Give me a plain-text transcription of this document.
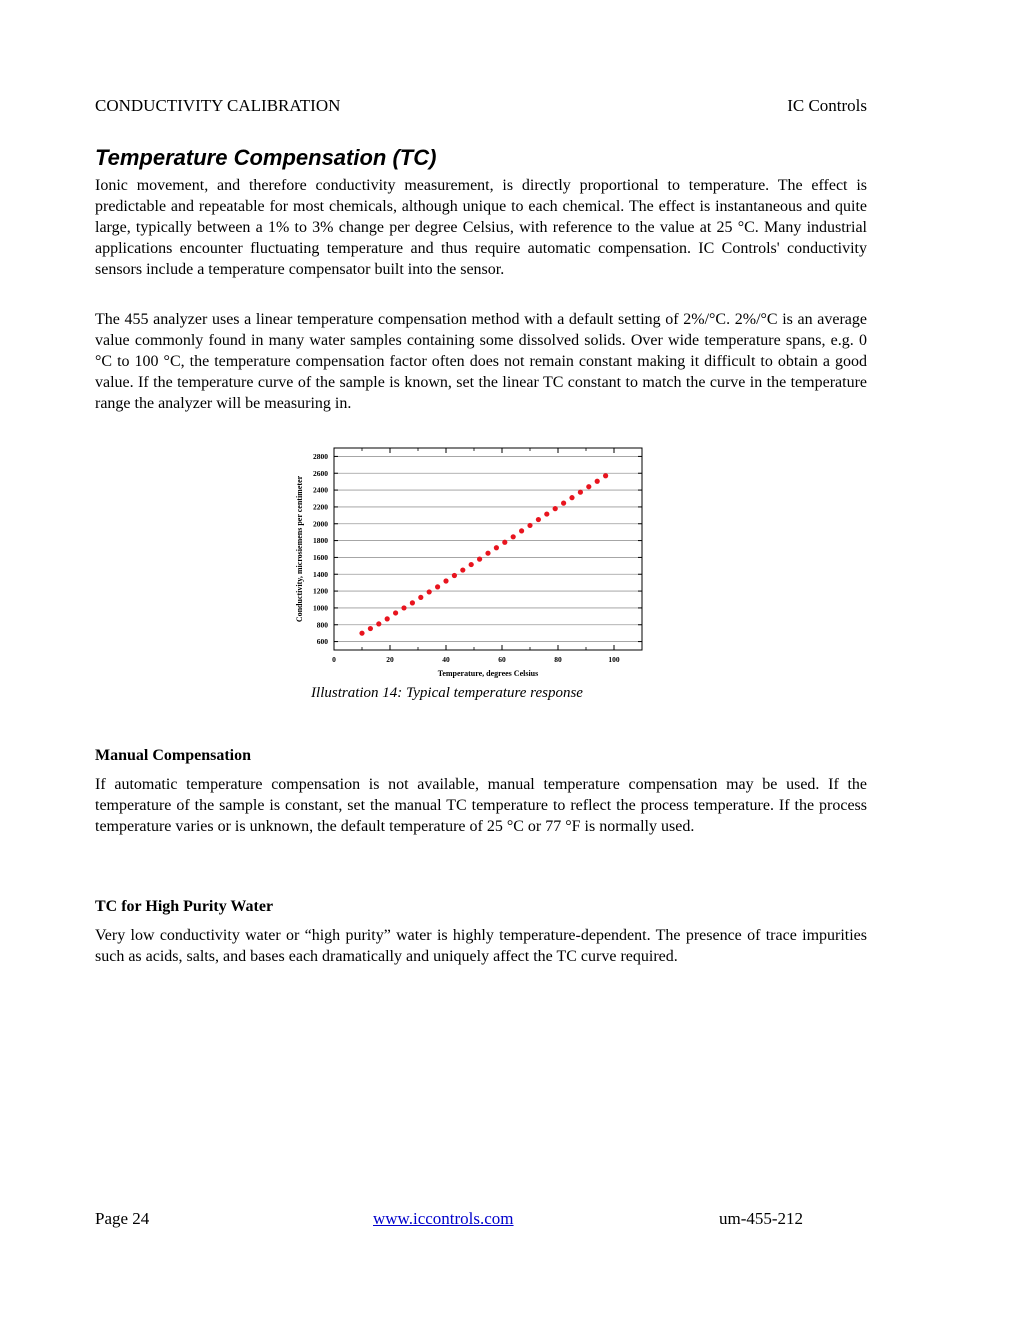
CONDUCTIVITY CALIBRATION	IC Controls
Temperature Compensation (TC)

Ionic movement, and therefore conductivity measurement, is directly proportional to temperature. The effect is predictable and repeatable for most chemicals, although unique to each chemical. The effect is instantaneous and quite large, typically between a 1% to 3% change per degree Celsius, with reference to the value at 25 °C. Many industrial applications encounter fluctuating temperature and thus require automatic compensation. IC Controls' conductivity sensors include a temperature compensator built into the sensor.

The 455 analyzer uses a linear temperature compensation method with a default setting of 2%/°C. 2%/°C is an average value commonly found in many water samples containing some dissolved solids. Over wide temperature spans, e.g. 0 °C to 100 °C, the temperature compensation factor often does not remain constant making it difficult to obtain a good value. If the temperature curve of the sample is known, set the linear TC constant to match the curve in the temperature range the analyzer will be measuring in.

600
800
1000
1200
1400
1600
1800
2000
2200
2400
2600
2800
0	20	40	60	80	100
Temperature, degrees Celsius
Conductivity, microsiemens per centimeter
Illustration 14: Typical temperature response
Manual Compensation

If automatic temperature compensation is not available, manual temperature compensation may be used. If the temperature of the sample is constant, set the manual TC temperature to reflect the process temperature. If the process temperature varies or is unknown, the default temperature of 25 °C or 77 °F is normally used.

TC for High Purity Water

Very low conductivity water or “high purity” water is highly temperature-dependent. The presence of trace impurities such as acids, salts, and bases each dramatically and uniquely affect the TC curve required.

Page 24	www.iccontrols.com	um-455-212
